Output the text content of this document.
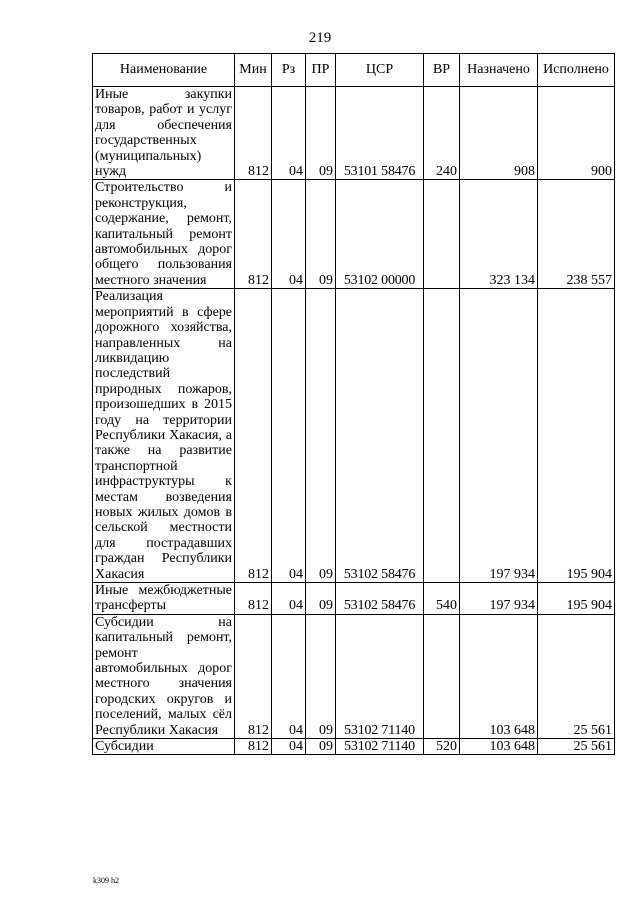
219
Наименование	Мин	Рз	ПР	ЦСР	ВР	Назначено	Исполнено
Иные закупки товаров, работ и услуг для обеспечения государственных (муниципальных) нужд	812	04	09	53101 58476	240	908	900
Строительство и реконструкция, содержание, ремонт, капитальный ремонт автомобильных дорог общего пользования местного значения	812	04	09	53102 00000		323 134	238 557
Реализация мероприятий в сфере дорожного хозяйства, направленных на ликвидацию последствий природных пожаров, произошедших в 2015 году на территории Республики Хакасия, а также на развитие транспортной инфраструктуры к местам возведения новых жилых домов в сельской местности для пострадавших граждан Республики Хакасия	812	04	09	53102 58476		197 934	195 904
Иные межбюджетные трансферты	812	04	09	53102 58476	540	197 934	195 904
Субсидии на капитальный ремонт, ремонт автомобильных дорог местного значения городских округов и поселений, малых сёл Республики Хакасия	812	04	09	53102 71140		103 648	25 561
Субсидии	812	04	09	53102 71140	520	103 648	25 561
k309 h2
